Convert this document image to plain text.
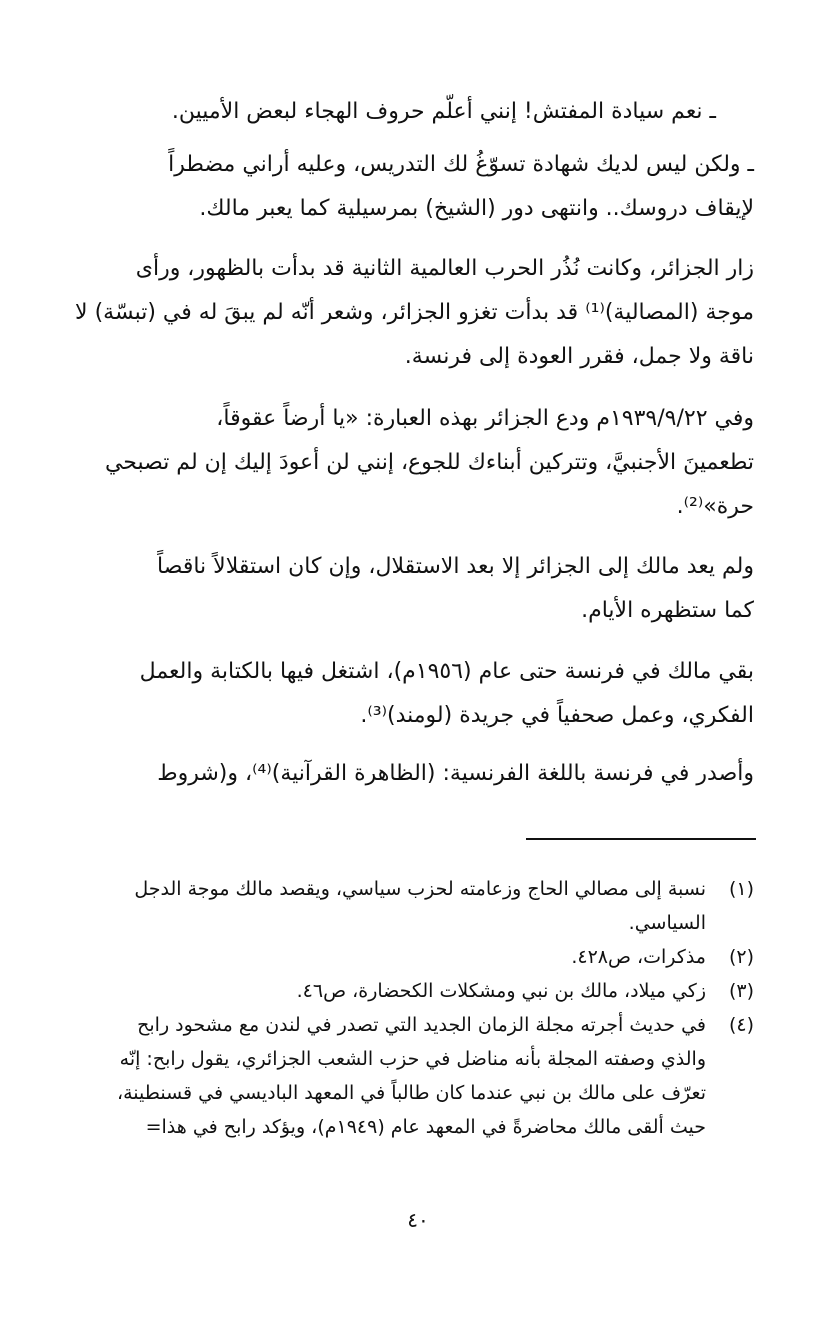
ـ نعم سيادة المفتش! إنني أعلّم حروف الهجاء لبعض الأميين.

ـ ولكن ليس لديك شهادة تسوّغُ لك التدريس، وعليه أراني مضطراً
لإيقاف دروسك.. وانتهى دور (الشيخ) بمرسيلية كما يعبر مالك.

زار الجزائر، وكانت نُذُر الحرب العالمية الثانية قد بدأت بالظهور، ورأى
موجة (المصالية)⁽¹⁾ قد بدأت تغزو الجزائر، وشعر أنّه لم يبقَ له في (تبسّة) لا
ناقة ولا جمل، فقرر العودة إلى فرنسة.

وفي ١٩٣٩/٩/٢٢م ودع الجزائر بهذه العبارة: «يا أرضاً عقوقاً،
تطعمينَ الأجنبيَّ، وتتركين أبناءك للجوع، إنني لن أعودَ إليك إن لم تصبحي
حرة»⁽²⁾.

ولم يعد مالك إلى الجزائر إلا بعد الاستقلال، وإن كان استقلالاً ناقصاً
كما ستظهره الأيام.

بقي مالك في فرنسة حتى عام (١٩٥٦م)، اشتغل فيها بالكتابة والعمل
الفكري، وعمل صحفياً في جريدة (لومند)⁽³⁾.

وأصدر في فرنسة باللغة الفرنسية: (الظاهرة القرآنية)⁽⁴⁾، و(شروط

(١)
نسبة إلى مصالي الحاج وزعامته لحزب سياسي، ويقصد مالك موجة الدجل
السياسي.
(٢)
مذكرات، ص٤٢٨.
(٣)
زكي ميلاد، مالك بن نبي ومشكلات الكحضارة، ص٤٦.
(٤)
في حديث أجرته مجلة الزمان الجديد التي تصدر في لندن مع مشحود رابح
والذي وصفته المجلة بأنه مناضل في حزب الشعب الجزائري، يقول رابح: إنّه
تعرّف على مالك بن نبي عندما كان طالباً في المعهد الباديسي في قسنطينة،
حيث ألقى مالك محاضرةً في المعهد عام (١٩٤٩م)، ويؤكد رابح في هذا=
٤٠
